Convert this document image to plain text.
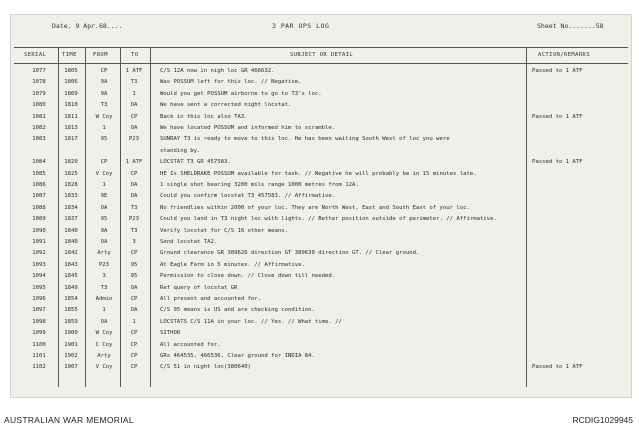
Date. 9 Apr.68....	3 PAR OPS LOG	Sheet No.......58
SERIAL	TIME	FROM	TO	SUBJECT OR DETAIL	ACTION/REMARKS
1077	1805	CP	1 ATF	C/S 12A now in nigh loc GR 466632.	Passed to 1 ATF
1078	1806	9A	T3	Was POSSUM left for this loc. // Negative.
1079	1809	9A	1	Would you get POSSUM airborne to go to T3's loc.
1080	1810	T3	OA	We have sent a corrected night locstat.
1081	1811	W Coy	CP	Back in this loc also TA3.	Passed to 1 ATF
1082	1813	1	OA	We have located POSSUM and informed him to scramble.
1083	1817	95	P23	SUNRAY T3 is ready to move to this loc. He has been waiting South West of loc you were
standing by.
1084	1820	CP	1 ATF	LOCSTAT T3 GR 457583.	Passed to 1 ATF
1085	1825	V Coy	CP	HE Is SHELDRAKE POSSUM available for task. // Negative he will probably be in 15 minutes late.
1086	1828	1	OA	1 single shot bearing 3200 mils range 1000 metres from 12A.
1087	1833	9E	OA	Could you confirm locstat T3 457583. // Affirmative.
1088	1834	OA	T3	No friendlies within 2000 of your loc. They are North West, East and South East of your loc.
1089	1837	95	P23	Could you land in T3 night loc with lights. // Better position outside of perimeter. // Affirmative.
1090	1840	9A	T3	Verify locstat for C/S 16 other means.
1091	1840	OA	3	Send locstat TA2.
1092	1842	Arty	CP	Ground clearance GR 389626 direction GT 389639 direction GT. // Clear ground.
1093	1843	P23	95	At Eagle Farm in 5 minutes. // Affirmative.
1094	1845	3	95	Permission to close down. // Close down till needed.
1095	1849	T3	OA	Ref query of locstat GR
1096	1854	Admin	CP	All present and accounted for.
1097	1855	1	OA	C/S 95 means is US and are checking condition.
1098	1859	OA	1	LOCSTATS C/S 11A in your loc. // Yes. // What time. //
1099	1900	W Coy	CP	SITHOR
1100	1901	C Coy	CP	All accounted for.
1101	1902	Arty	CP	GRs 464535, 466536. Clear ground for INDIA 84.
1102	1907	V Coy	CP	C/S 51 in night loc(380640)	Passed to 1 ATF
AUSTRALIAN WAR MEMORIAL	RCDIG1029945
